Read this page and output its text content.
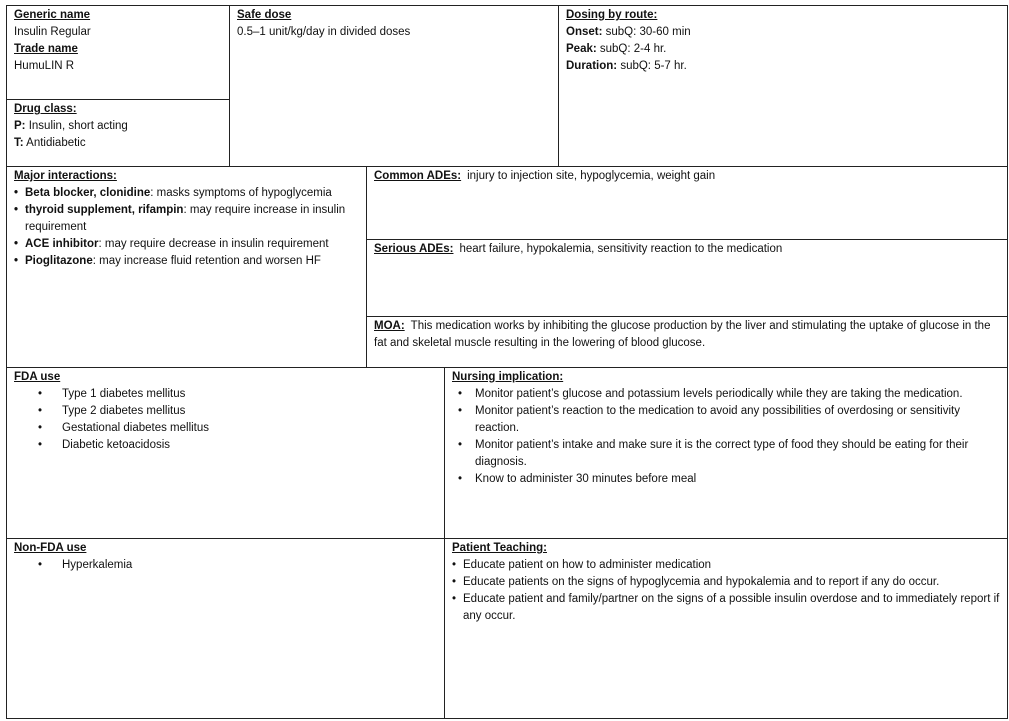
Generic name
Insulin Regular
Trade name
HumuLIN R
Drug class:
P: Insulin, short acting
T: Antidiabetic
Safe dose
0.5–1 unit/kg/day in divided doses
Dosing by route:
Onset: subQ: 30-60 min
Peak: subQ: 2-4 hr.
Duration: subQ: 5-7 hr.
Major interactions:
• Beta blocker, clonidine: masks symptoms of hypoglycemia
• thyroid supplement, rifampin: may require increase in insulin requirement
• ACE inhibitor: may require decrease in insulin requirement
• Pioglitazone: may increase fluid retention and worsen HF
Common ADEs: injury to injection site, hypoglycemia, weight gain
Serious ADEs: heart failure, hypokalemia, sensitivity reaction to the medication
MOA: This medication works by inhibiting the glucose production by the liver and stimulating the uptake of glucose in the fat and skeletal muscle resulting in the lowering of blood glucose.
FDA use
• Type 1 diabetes mellitus
• Type 2 diabetes mellitus
• Gestational diabetes mellitus
• Diabetic ketoacidosis
Nursing implication:
• Monitor patient’s glucose and potassium levels periodically while they are taking the medication.
• Monitor patient’s reaction to the medication to avoid any possibilities of overdosing or sensitivity reaction.
• Monitor patient’s intake and make sure it is the correct type of food they should be eating for their diagnosis.
• Know to administer 30 minutes before meal
Non-FDA use
• Hyperkalemia
Patient Teaching:
• Educate patient on how to administer medication
• Educate patients on the signs of hypoglycemia and hypokalemia and to report if any do occur.
• Educate patient and family/partner on the signs of a possible insulin overdose and to immediately report if any occur.
